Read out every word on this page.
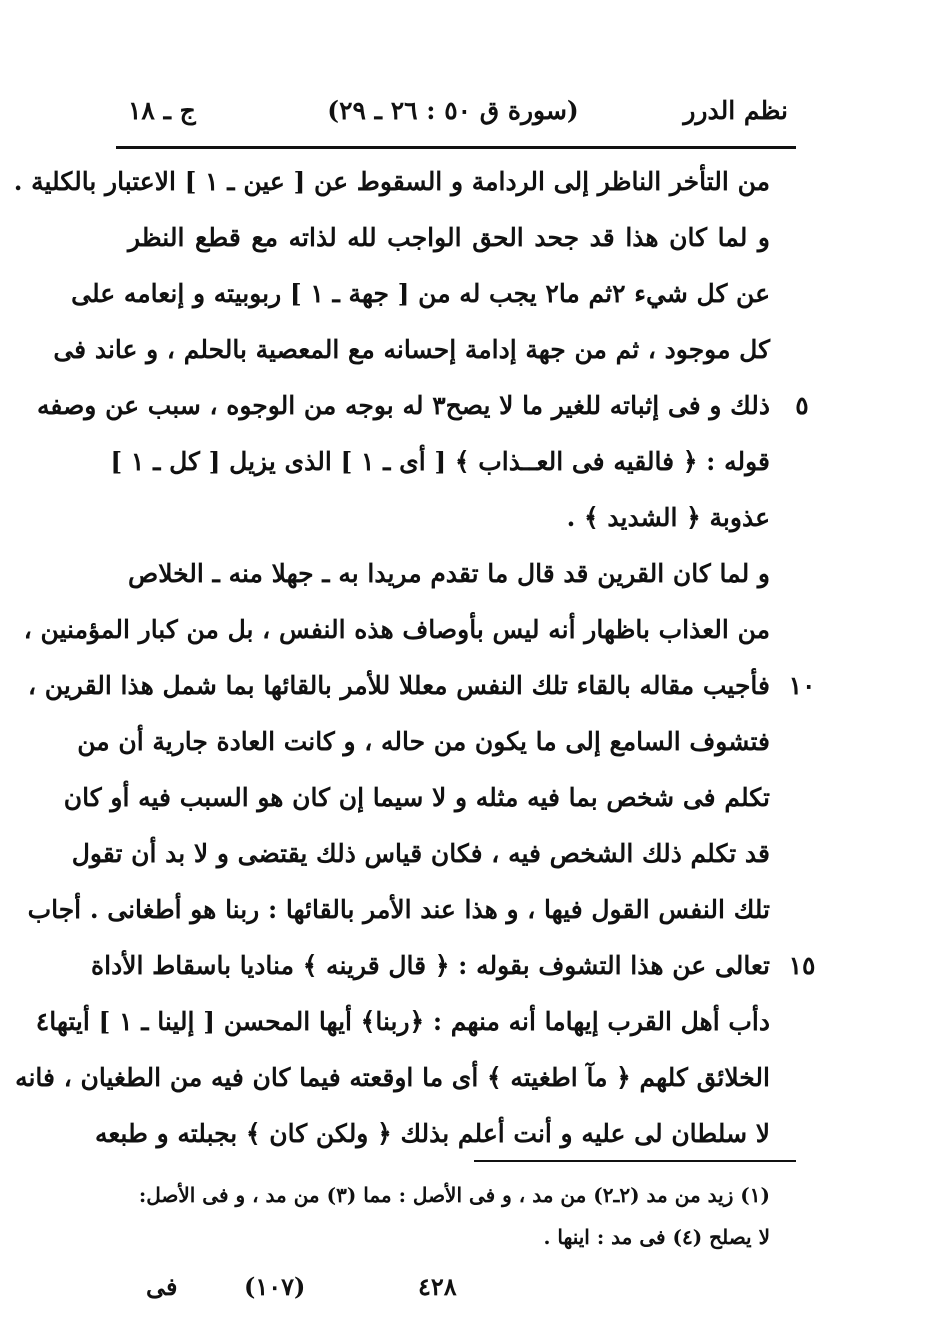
نظم الدرر
(سورة ق ٥٠ : ٢٦ ـ ٢٩)
ج ـ ١٨
من التأخر الناظر إلى الردامة و السقوط عن [ عين ـ ١ ] الاعتبار بالكلية .
و لما كان هذا قد جحد الحق الواجب لله لذاته مع قطع النظر
عن كل شيء ٢ثم ما٢ يجب له من [ جهة ـ ١ ] ربوبيته و إنعامه على
كل موجود ، ثم من جهة إدامة إحسانه مع المعصية بالحلم ، و عاند فى
ذلك و فى إثباته للغير ما لا يصح٣ له بوجه من الوجوه ، سبب عن وصفه	٥
قوله : ﴿ فالقيه فى العــذاب ﴾ [ أى ـ ١ ] الذى يزيل [ كل ـ ١ ]
عذوبة ﴿ الشديد ﴾ .
و لما كان القرين قد قال ما تقدم مريدا به ـ جهلا منه ـ الخلاص
من العذاب باظهار أنه ليس بأوصاف هذه النفس ، بل من كبار المؤمنين ،
فأجيب مقاله بالقاء تلك النفس معللا للأمر بالقائها بما شمل هذا القرين ، ١٠
فتشوف السامع إلى ما يكون من حاله ، و كانت العادة جارية أن من
تكلم فى شخص بما فيه مثله و لا سيما إن كان هو السبب فيه أو كان
قد تكلم ذلك الشخص فيه ، فكان قياس ذلك يقتضى و لا بد أن تقول
تلك النفس القول فيها ، و هذا عند الأمر بالقائها : ربنا هو أطغانى . أجاب
تعالى عن هذا التشوف بقوله : ﴿ قال قرينه ﴾ مناديا باسقاط الأداة ١٥
دأب أهل القرب إيهاما أنه منهم : ﴿ربنا﴾ أيها المحسن [ إلينا ـ ١ ] أيتها٤
الخلائق كلهم ﴿ مآ اطغيته ﴾ أى ما اوقعته فيما كان فيه من الطغيان ، فانه
لا سلطان لى عليه و أنت أعلم بذلك ﴿ ولكن كان ﴾ بجبلته و طبعه
(١) زيد من مد (٢ـ٢) من مد ، و فى الأصل : مما (٣) من مد ، و فى الأصل:
لا يصلح (٤) فى مد : اينها .
٤٢٨
(١٠٧)
فى
